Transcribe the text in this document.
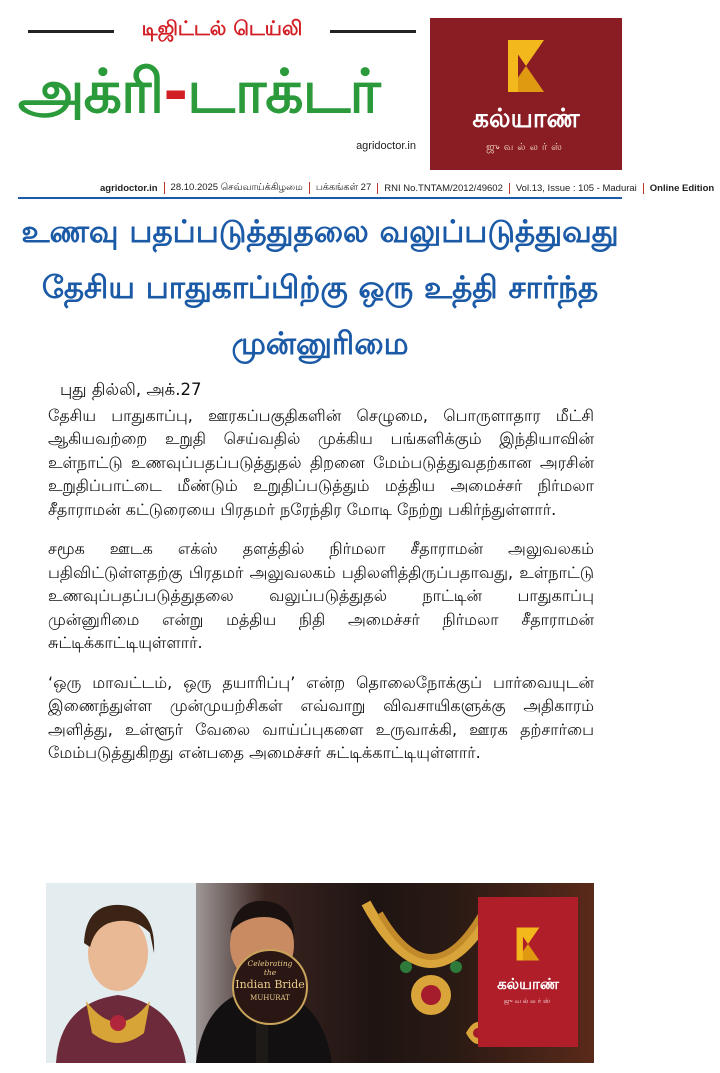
டிஜிட்டல் டெய்லி
அக்ரி-டாக்டர்
agridoctor.in
கல்யாண்
ஜுவல்லர்ஸ்
agridoctor.in	28.10.2025 செவ்வாய்க்கிழமை	பக்கங்கள் 27	RNI No.TNTAM/2012/49602	Vol.13, Issue : 105 - Madurai	Online Edition
உணவு பதப்படுத்துதலை வலுப்படுத்துவது
தேசிய பாதுகாப்பிற்கு ஒரு உத்தி சார்ந்த
முன்னுரிமை
புது தில்லி, அக்.27

தேசிய பாதுகாப்பு, ஊரகப்பகுதிகளின் செழுமை, பொருளாதார மீட்சி ஆகியவற்றை உறுதி செய்வதில் முக்கிய பங்களிக்கும் இந்தியாவின் உள்நாட்டு உணவுப்பதப்படுத்துதல் திறனை மேம்படுத்துவதற்கான அரசின் உறுதிப்பாட்டை மீண்டும் உறுதிப்படுத்தும் மத்திய அமைச்சர் நிர்மலா சீதாராமன் கட்டுரையை பிரதமர் நரேந்திர மோடி நேற்று பகிர்ந்துள்ளார்.

சமூக ஊடக எக்ஸ் தளத்தில் நிர்மலா சீதாராமன் அலுவலகம் பதிவிட்டுள்ளதற்கு பிரதமர் அலுவலகம் பதிலளித்திருப்பதாவது, உள்நாட்டு உணவுப்பதப்படுத்துதலை வலுப்படுத்துதல் நாட்டின் பாதுகாப்பு முன்னுரிமை என்று மத்திய நிதி அமைச்சர் நிர்மலா சீதாராமன் சுட்டிக்காட்டியுள்ளார்.

‘ஒரு மாவட்டம், ஒரு தயாரிப்பு’ என்ற தொலைநோக்குப் பார்வையுடன் இணைந்துள்ள முன்முயற்சிகள் எவ்வாறு விவசாயிகளுக்கு அதிகாரம் அளித்து, உள்ளூர் வேலை வாய்ப்புகளை உருவாக்கி, ஊரக தற்சார்பை மேம்படுத்துகிறது என்பதை அமைச்சர் சுட்டிக்காட்டியுள்ளார்.

Celebrating
the
Indian Bride
MUHURAT
கல்யாண்
ஜுவல்லர்ஸ்
